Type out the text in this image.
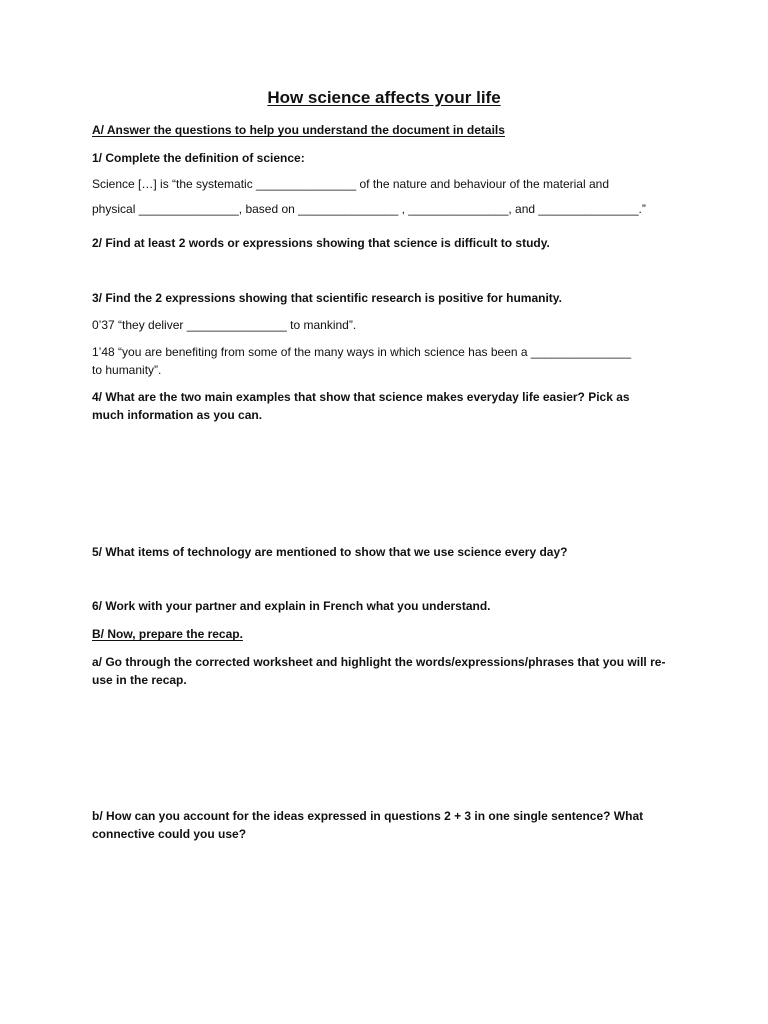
How science affects your life
A/ Answer the questions to help you understand the document in details
1/ Complete the definition of science:
Science […] is “the systematic _______________ of the nature and behaviour of the material and
physical _______________, based on _______________ , _______________, and _______________.”
2/ Find at least 2 words or expressions showing that science is difficult to study.
3/ Find the 2 expressions showing that scientific research is positive for humanity.
0’37 “they deliver _______________ to mankind”.
1’48 “you are benefiting from some of the many ways in which science has been a _______________
to humanity”.
4/ What are the two main examples that show that science makes everyday life easier? Pick as
much information as you can.
5/ What items of technology are mentioned to show that we use science every day?
6/ Work with your partner and explain in French what you understand.
B/ Now, prepare the recap.
a/ Go through the corrected worksheet and highlight the words/expressions/phrases that you will re-
use in the recap.
b/ How can you account for the ideas expressed in questions 2 + 3 in one single sentence? What
connective could you use?
